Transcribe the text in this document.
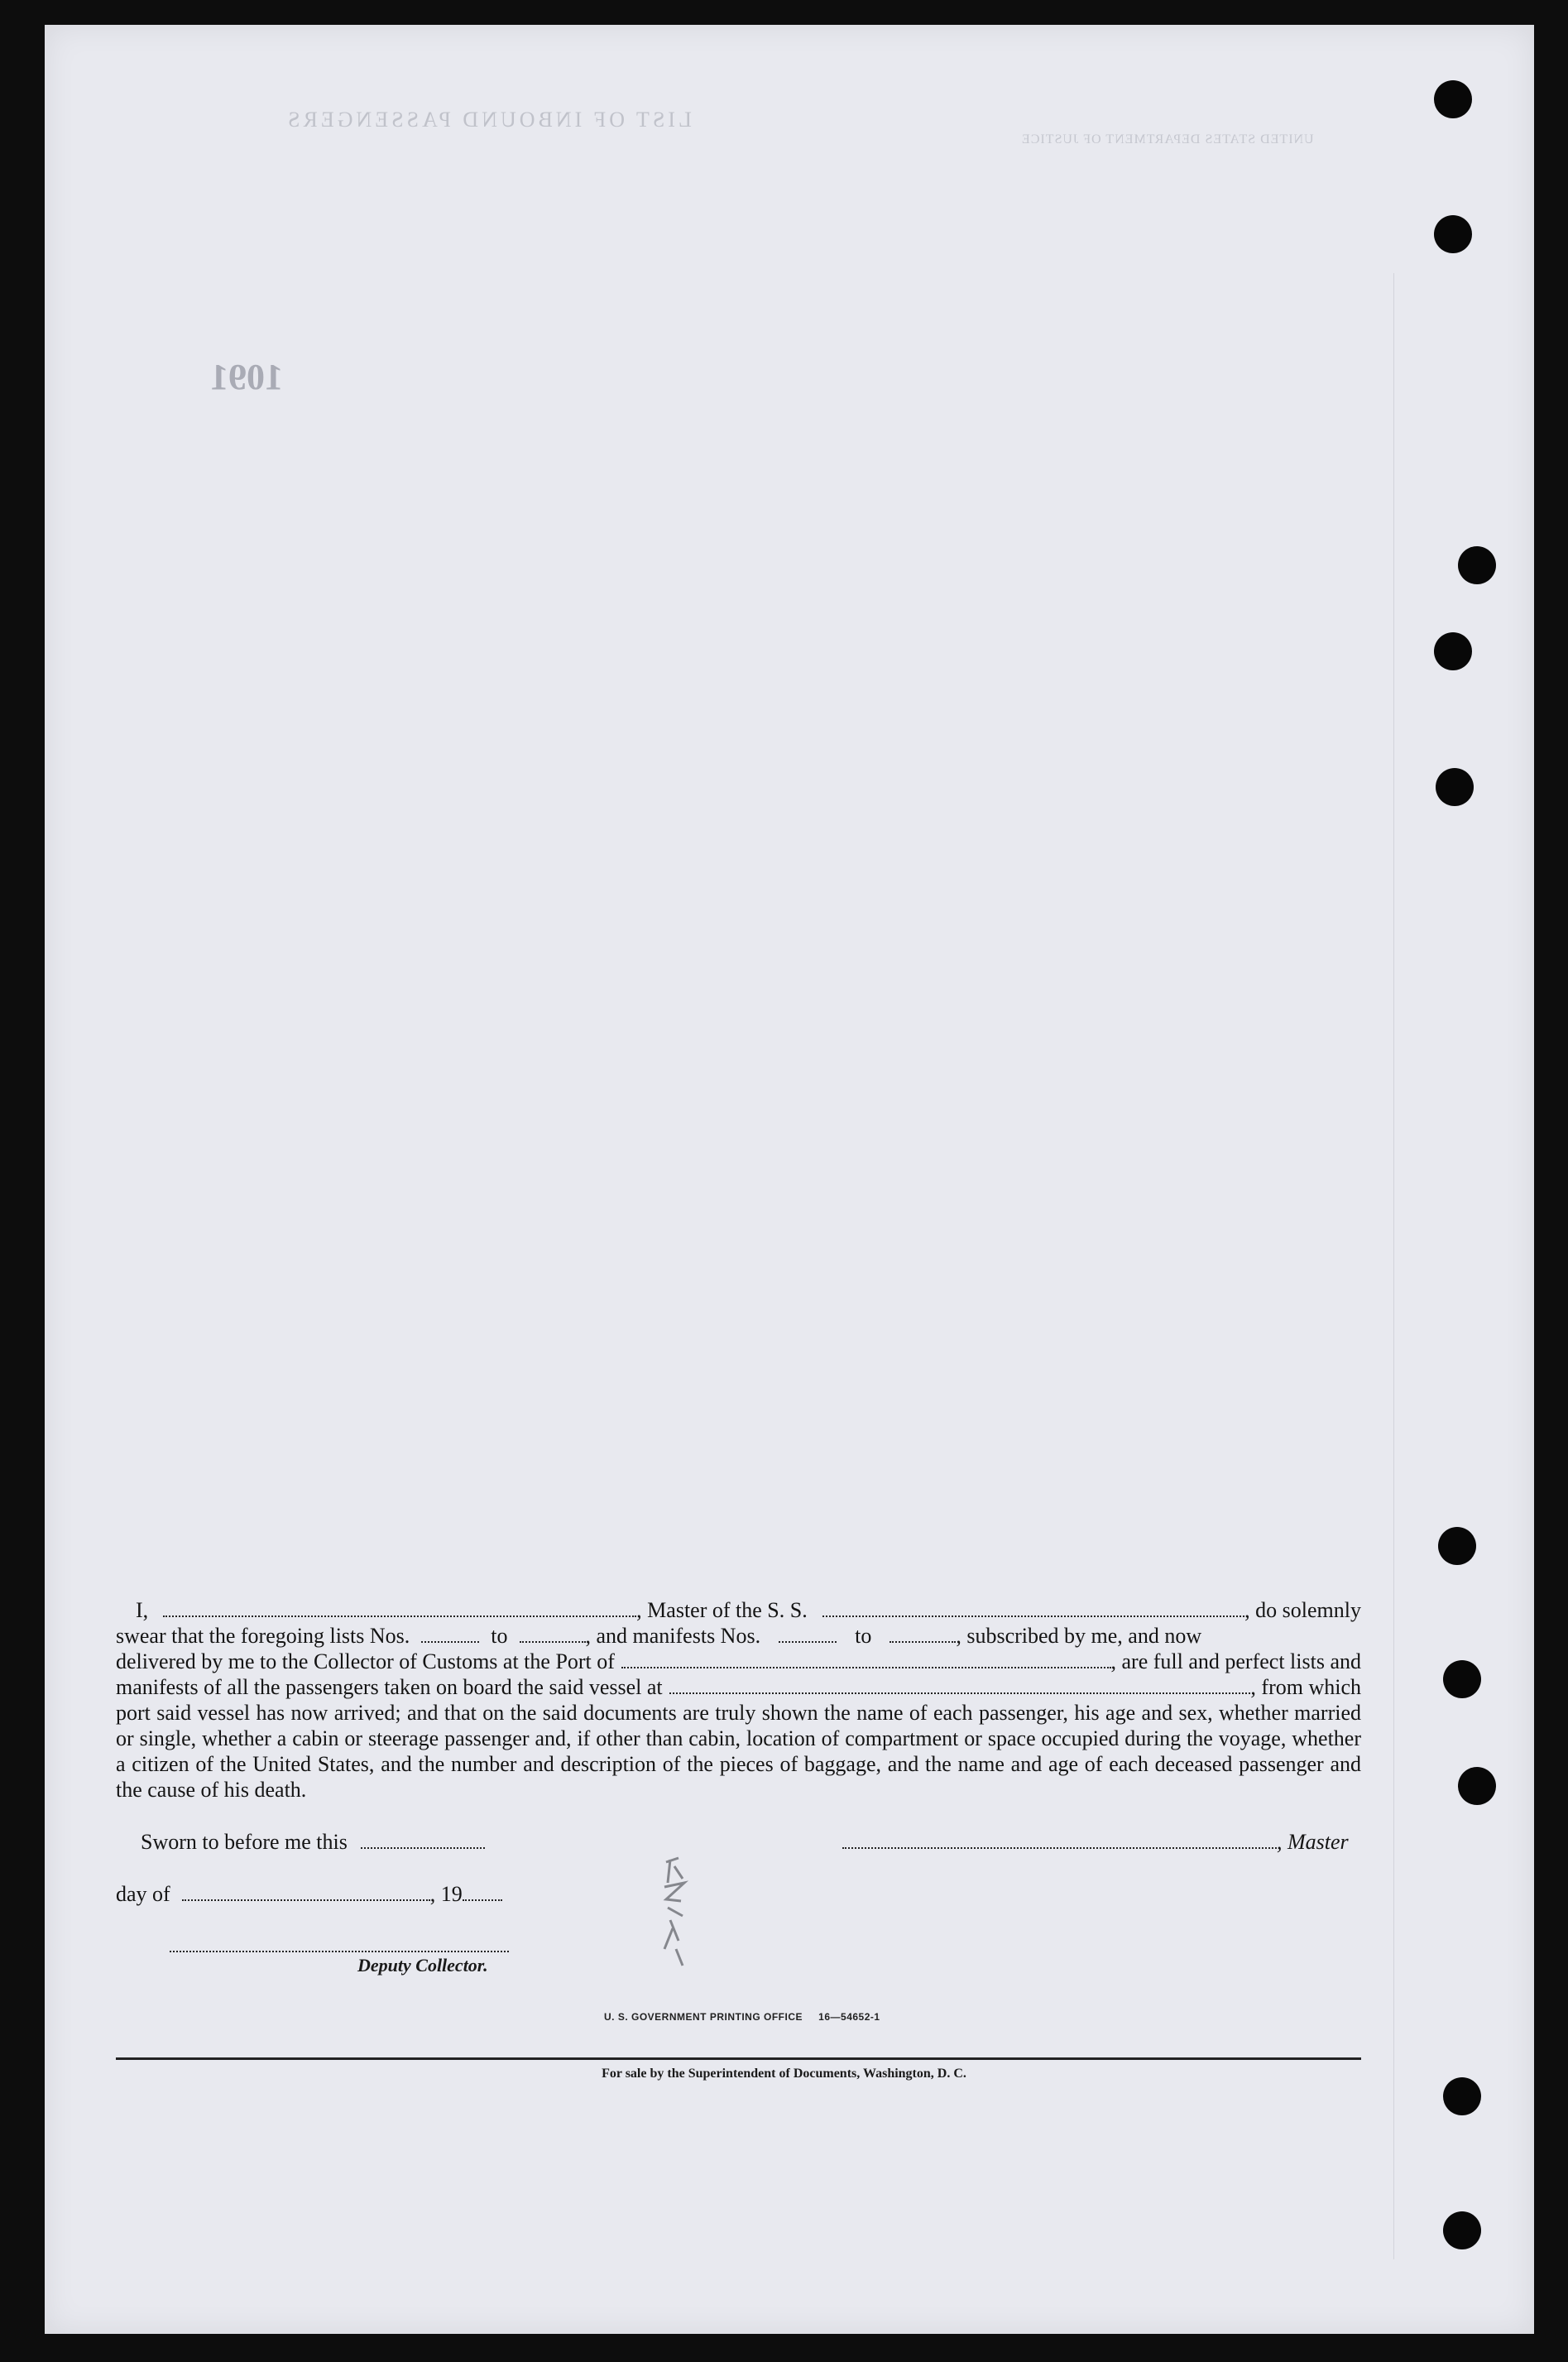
LIST OF INBOUND PASSENGERS
UNITED STATES DEPARTMENT OF JUSTICE
1091

I,	, Master of the S. S.	, do solemnly

swear that the foregoing lists Nos.	to	, and manifests Nos.	to	, subscribed by me, and now

delivered by me to the Collector of Customs at the Port of	, are full and perfect lists and

manifests of all the passengers taken on board the said vessel at	, from which

port said vessel has now arrived; and that on the said documents are truly shown the name of each passenger, his age and sex, whether married or single, whether a cabin or steerage passenger and, if other than cabin, location of compartment or space occupied during the voyage, whether a citizen of the United States, and the number and description of the pieces of baggage, and the name and age of each deceased passenger and the cause of his death.

Sworn to before me this	, Master
day of	, 19
Deputy Collector.
U. S. GOVERNMENT PRINTING OFFICE     16—54652-1
For sale by the Superintendent of Documents, Washington, D. C.
